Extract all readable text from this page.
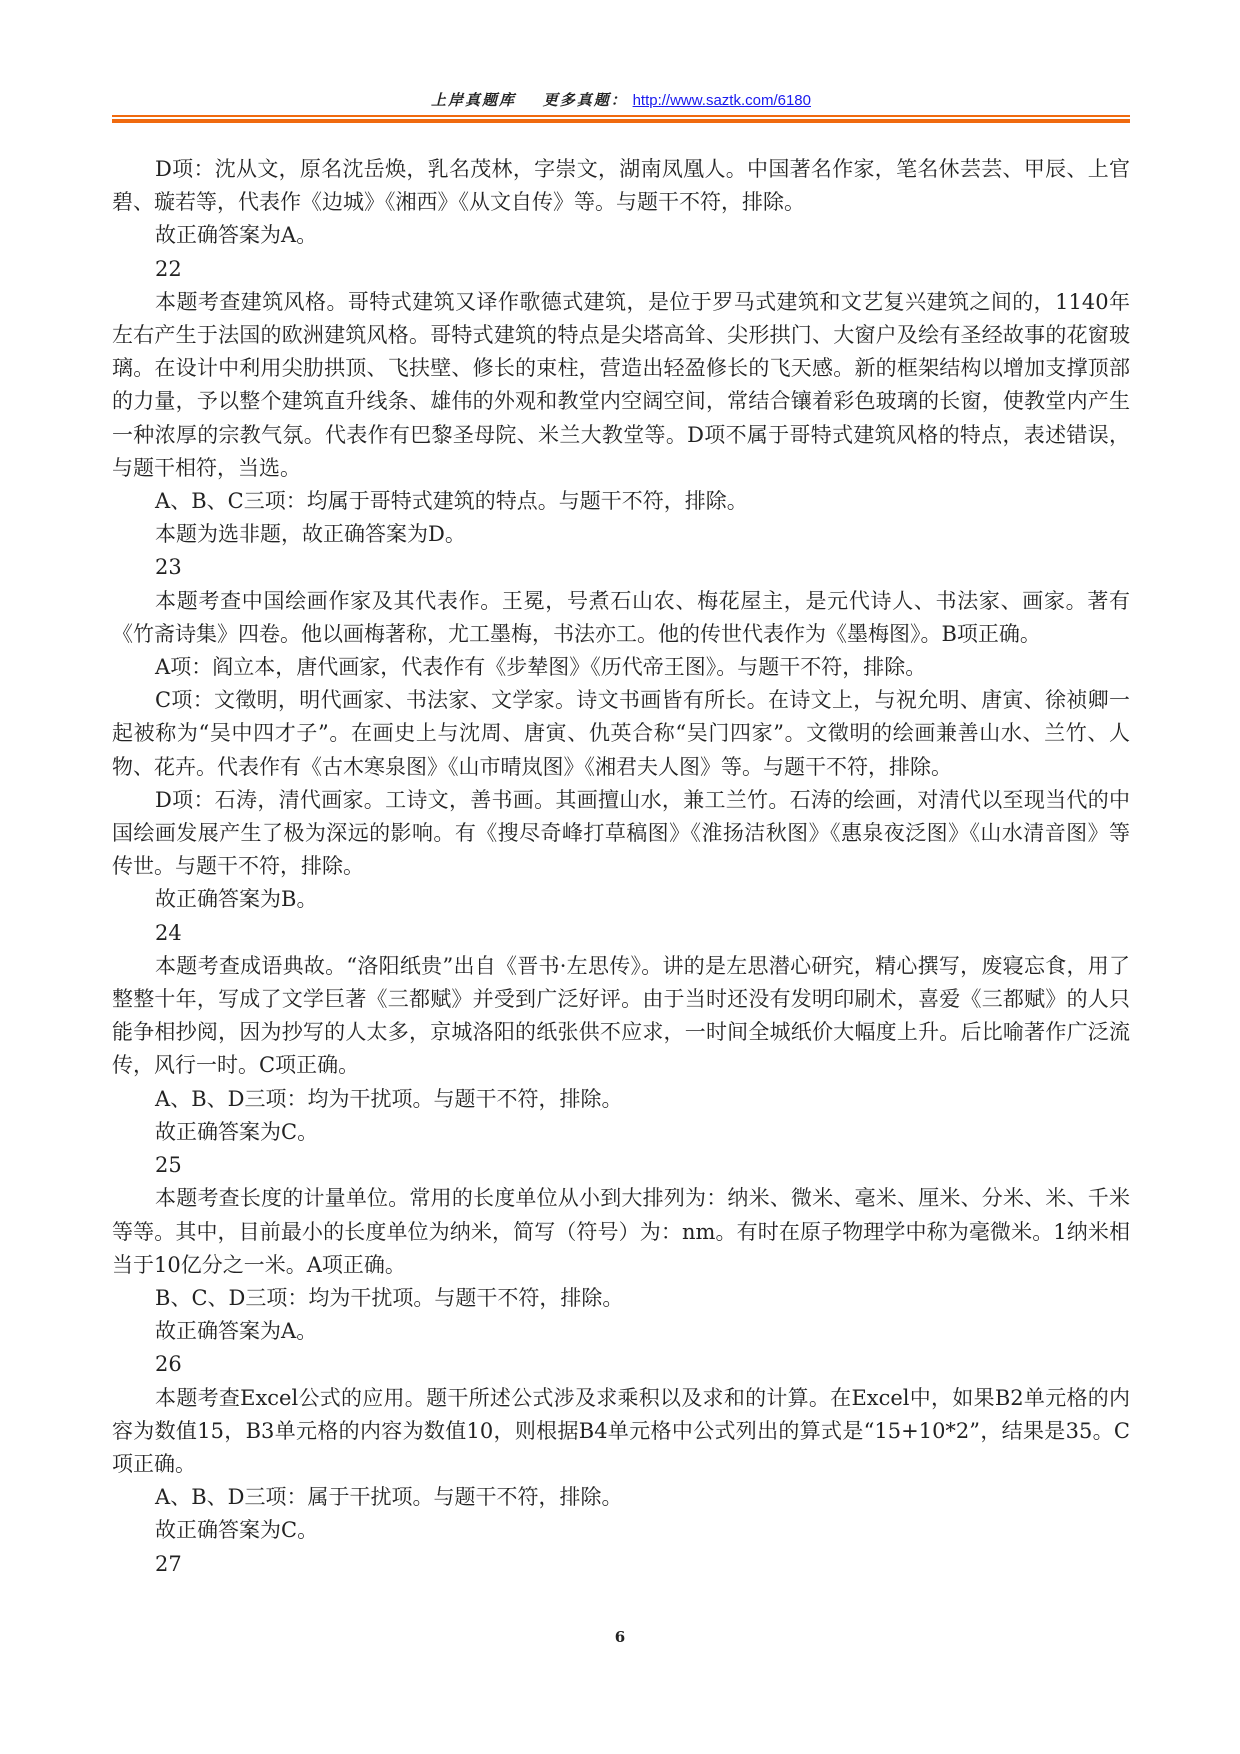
上岸真题库 更多真题： http://www.saztk.com/6180

D项：沈从文，原名沈岳焕，乳名茂林，字崇文，湖南凤凰人。中国著名作家，笔名休芸芸、甲辰、上官碧、璇若等，代表作《边城》《湘西》《从文自传》等。与题干不符，排除。

故正确答案为A。

22

本题考查建筑风格。哥特式建筑又译作歌德式建筑，是位于罗马式建筑和文艺复兴建筑之间的，1140年左右产生于法国的欧洲建筑风格。哥特式建筑的特点是尖塔高耸、尖形拱门、大窗户及绘有圣经故事的花窗玻璃。在设计中利用尖肋拱顶、飞扶壁、修长的束柱，营造出轻盈修长的飞天感。新的框架结构以增加支撑顶部的力量，予以整个建筑直升线条、雄伟的外观和教堂内空阔空间，常结合镶着彩色玻璃的长窗，使教堂内产生一种浓厚的宗教气氛。代表作有巴黎圣母院、米兰大教堂等。D项不属于哥特式建筑风格的特点，表述错误，与题干相符，当选。

A、B、C三项：均属于哥特式建筑的特点。与题干不符，排除。

本题为选非题，故正确答案为D。

23

本题考查中国绘画作家及其代表作。王冕，号煮石山农、梅花屋主，是元代诗人、书法家、画家。著有《竹斋诗集》四卷。他以画梅著称，尤工墨梅，书法亦工。他的传世代表作为《墨梅图》。B项正确。

A项：阎立本，唐代画家，代表作有《步辇图》《历代帝王图》。与题干不符，排除。

C项：文徵明，明代画家、书法家、文学家。诗文书画皆有所长。在诗文上，与祝允明、唐寅、徐祯卿一起被称为“吴中四才子”。在画史上与沈周、唐寅、仇英合称“吴门四家”。文徵明的绘画兼善山水、兰竹、人物、花卉。代表作有《古木寒泉图》《山市晴岚图》《湘君夫人图》等。与题干不符，排除。

D项：石涛，清代画家。工诗文，善书画。其画擅山水，兼工兰竹。石涛的绘画，对清代以至现当代的中国绘画发展产生了极为深远的影响。有《搜尽奇峰打草稿图》《淮扬洁秋图》《惠泉夜泛图》《山水清音图》等传世。与题干不符，排除。

故正确答案为B。

24

本题考查成语典故。“洛阳纸贵”出自《晋书·左思传》。讲的是左思潜心研究，精心撰写，废寝忘食，用了整整十年，写成了文学巨著《三都赋》并受到广泛好评。由于当时还没有发明印刷术，喜爱《三都赋》的人只能争相抄阅，因为抄写的人太多，京城洛阳的纸张供不应求，一时间全城纸价大幅度上升。后比喻著作广泛流传，风行一时。C项正确。

A、B、D三项：均为干扰项。与题干不符，排除。

故正确答案为C。

25

本题考查长度的计量单位。常用的长度单位从小到大排列为：纳米、微米、毫米、厘米、分米、米、千米等等。其中，目前最小的长度单位为纳米，简写（符号）为：nm。有时在原子物理学中称为毫微米。1纳米相当于10亿分之一米。A项正确。

B、C、D三项：均为干扰项。与题干不符，排除。

故正确答案为A。

26

本题考查Excel公式的应用。题干所述公式涉及求乘积以及求和的计算。在Excel中，如果B2单元格的内容为数值15，B3单元格的内容为数值10，则根据B4单元格中公式列出的算式是“15+10*2”，结果是35。C项正确。

A、B、D三项：属于干扰项。与题干不符，排除。

故正确答案为C。

27

6
